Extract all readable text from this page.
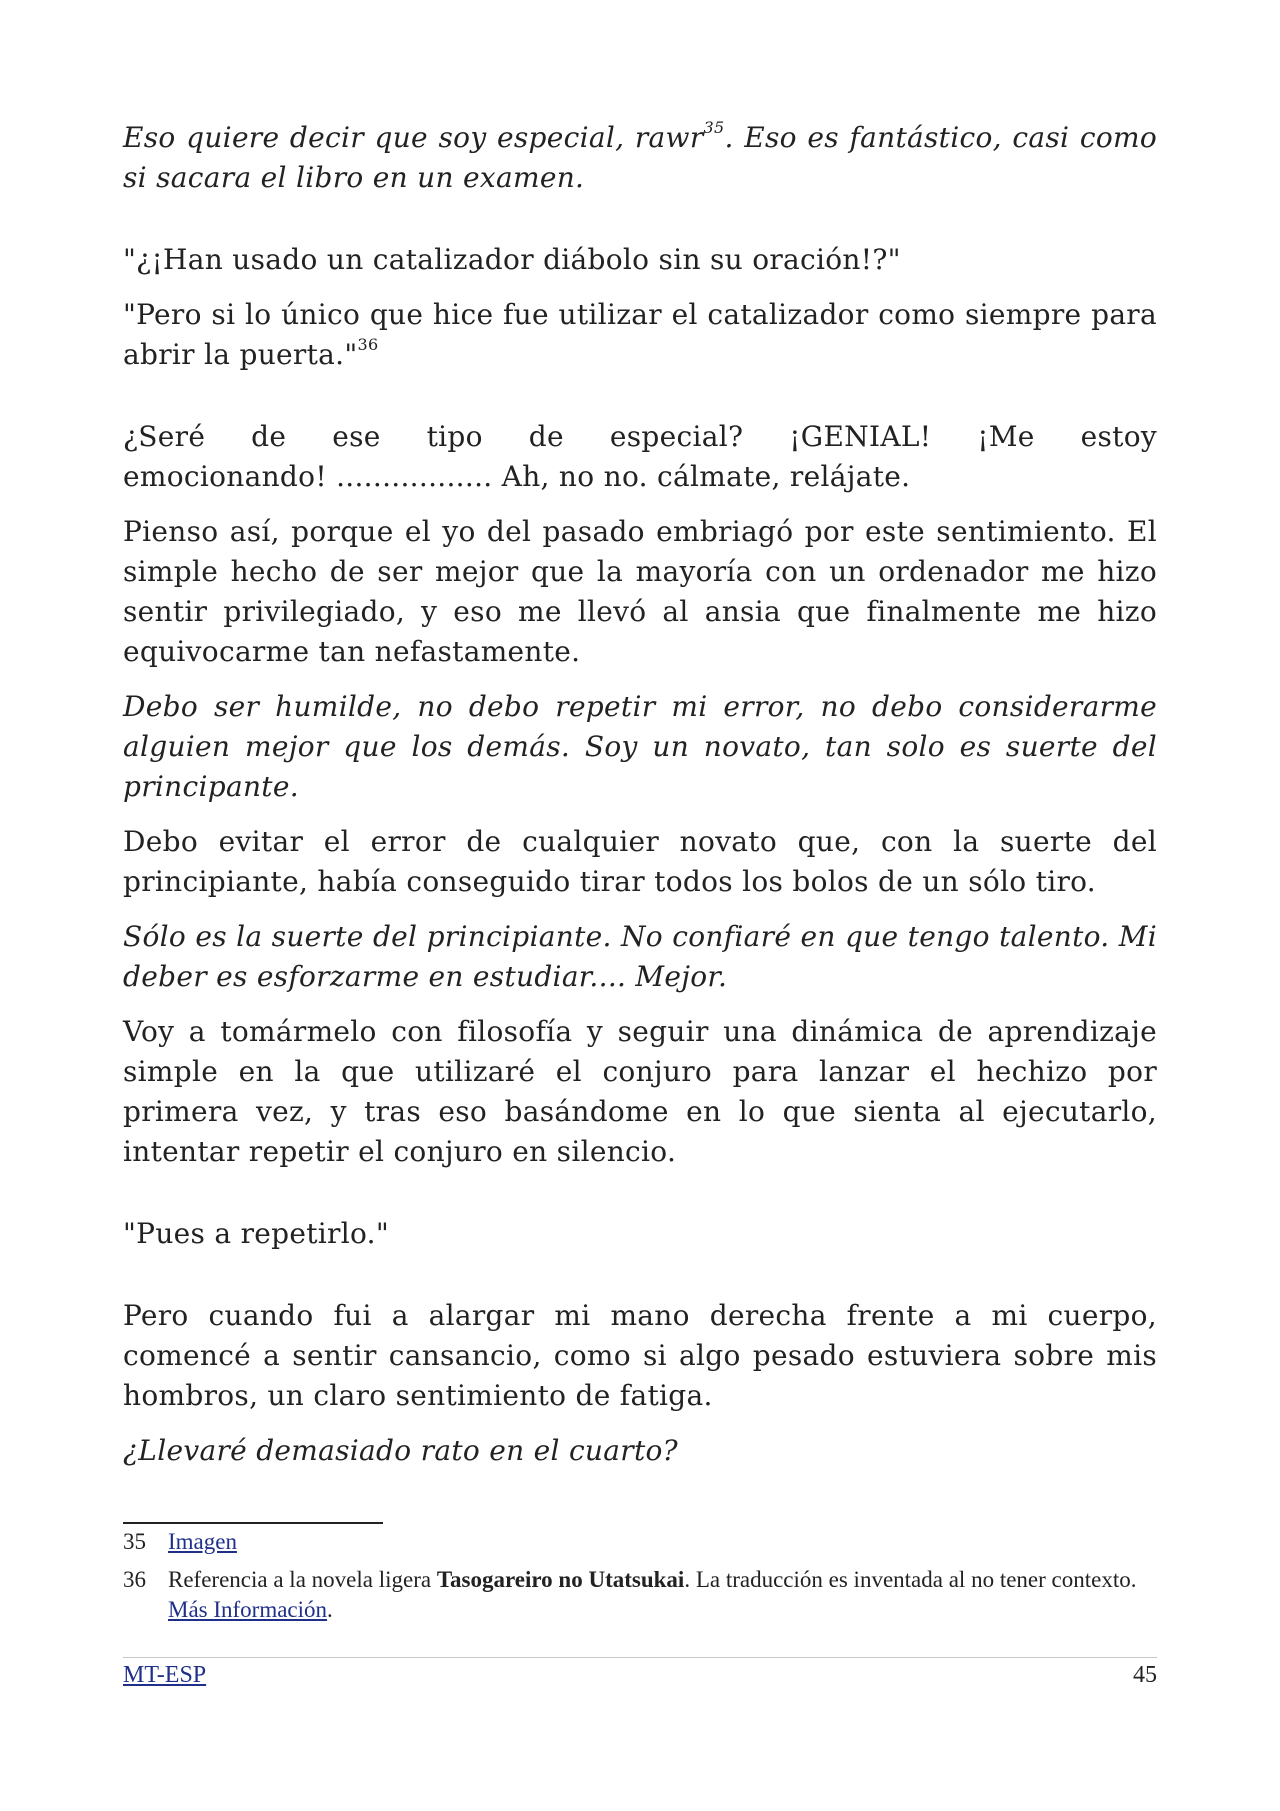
Eso quiere decir que soy especial, rawr$^{35}$. Eso es fantástico, casi como si sacara el libro en un examen.

"¿¡Han usado un catalizador diábolo sin su oración!?"

"Pero si lo único que hice fue utilizar el catalizador como siempre para abrir la puerta."$^{36}$

¿Seré de ese tipo de especial? ¡GENIAL! ¡Me estoy

emocionando! ................. Ah, no no. cálmate, relájate.

Pienso así, porque el yo del pasado embriagó por este sentimiento. El simple hecho de ser mejor que la mayoría con un ordenador me hizo sentir privilegiado, y eso me llevó al ansia que finalmente me hizo equivocarme tan nefastamente.

Debo ser humilde, no debo repetir mi error, no debo considerarme alguien mejor que los demás. Soy un novato, tan solo es suerte del principante.

Debo evitar el error de cualquier novato que, con la suerte del principiante, había conseguido tirar todos los bolos de un sólo tiro.

Sólo es la suerte del principiante. No confiaré en que tengo talento. Mi deber es esforzarme en estudiar.... Mejor.

Voy a tomármelo con filosofía y seguir una dinámica de aprendizaje simple en la que utilizaré el conjuro para lanzar el hechizo por primera vez, y tras eso basándome en lo que sienta al ejecutarlo, intentar repetir el conjuro en silencio.

"Pues a repetirlo."

Pero cuando fui a alargar mi mano derecha frente a mi cuerpo, comencé a sentir cansancio, como si algo pesado estuviera sobre mis hombros, un claro sentimiento de fatiga.

¿Llevaré demasiado rato en el cuarto?

35 Imagen
36 Referencia a la novela ligera Tasogareiro no Utatsukai. La traducción es inventada al no tener contexto. Más Información.
MT-ESP	45
